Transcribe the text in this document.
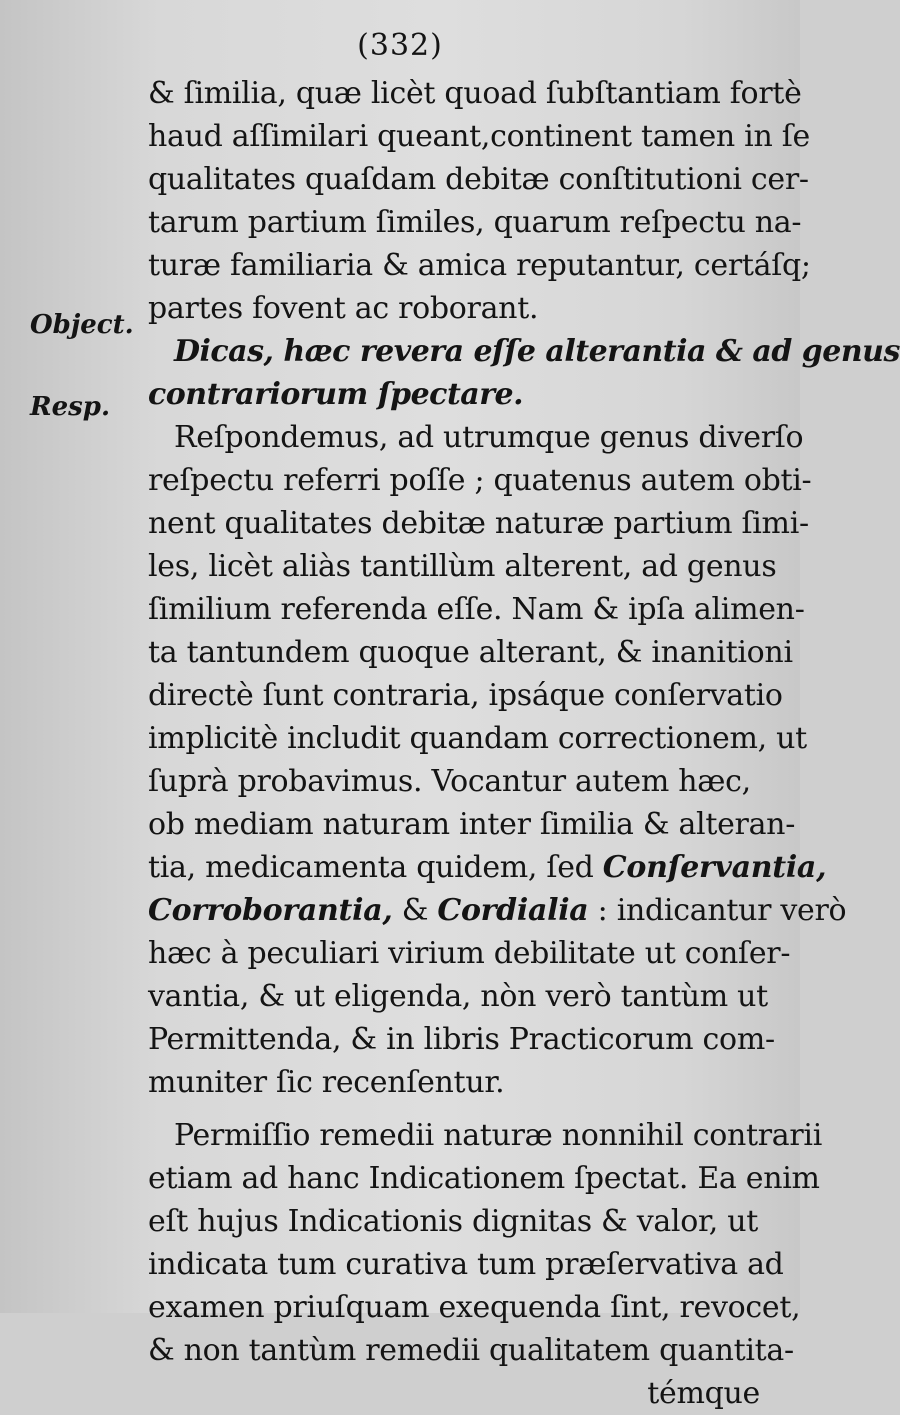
(332)
Object.
Resp.
& ſimilia, quæ licèt quoad ſubſtantiam fortè
haud aſſimilari queant,continent tamen in ſe
qualitates quaſdam debitæ conſtitutioni cer-
tarum partium ſimiles, quarum reſpectu na-
turæ familiaria & amica reputantur, certáſq;
partes fovent ac roborant.
Dicas, hæc revera eſſe alterantia & ad genus
contrariorum ſpectare.
Reſpondemus, ad utrumque genus diverſo
reſpectu referri poſſe ; quatenus autem obti-
nent qualitates debitæ naturæ partium ſimi-
les, licèt aliàs tantillùm alterent, ad genus
ſimilium referenda eſſe. Nam & ipſa alimen-
ta tantundem quoque alterant, & inanitioni
directè ſunt contraria, ipsáque conſervatio
implicitè includit quandam correctionem, ut
ſuprà probavimus. Vocantur autem hæc,
ob mediam naturam inter ſimilia & alteran-
tia, medicamenta quidem, ſed Conſervantia,
Corroborantia, & Cordialia : indicantur verò
hæc à peculiari virium debilitate ut conſer-
vantia, & ut eligenda, nòn verò tantùm ut
Permittenda, & in libris Practicorum com-
muniter ſic recenſentur.
Permiſſio remedii naturæ nonnihil contrarii
etiam ad hanc Indicationem ſpectat. Ea enim
eſt hujus Indicationis dignitas & valor, ut
indicata tum curativa tum præſervativa ad
examen priuſquam exequenda ſint, revocet,
& non tantùm remedii qualitatem quantita-
témque
